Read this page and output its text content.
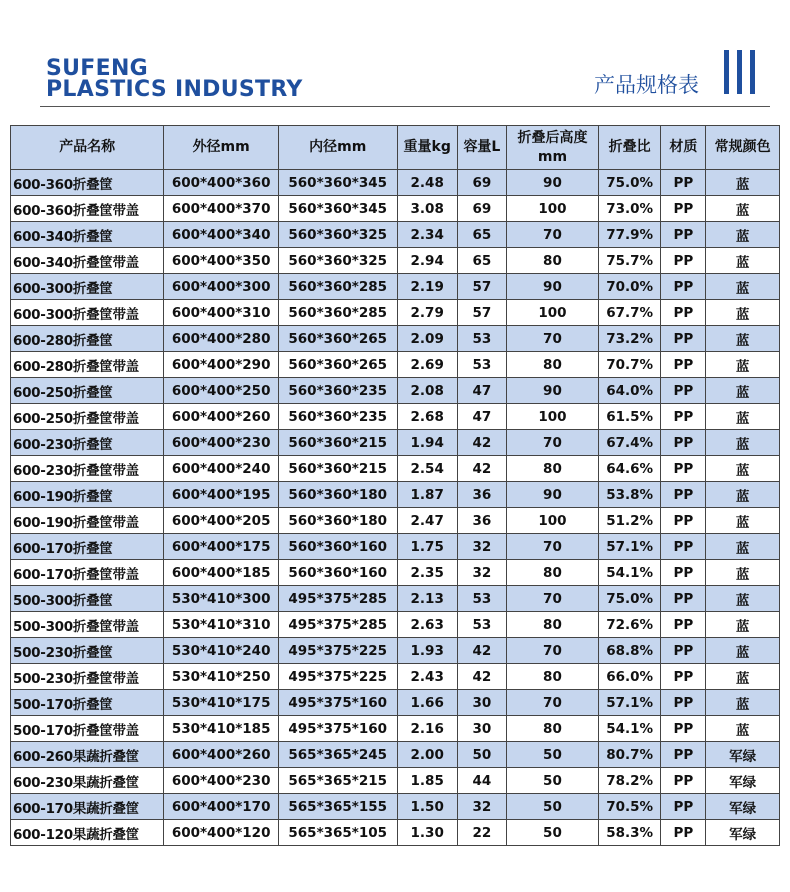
SUFENG
PLASTICS INDUSTRY	产品规格表
产品名称	外径mm	内径mm	重量kg	容量L	折叠后高度mm	折叠比	材质	常规颜色
600-360折叠筐	600*400*360	560*360*345	2.48	69	90	75.0%	PP	蓝
600-360折叠筐带盖	600*400*370	560*360*345	3.08	69	100	73.0%	PP	蓝
600-340折叠筐	600*400*340	560*360*325	2.34	65	70	77.9%	PP	蓝
600-340折叠筐带盖	600*400*350	560*360*325	2.94	65	80	75.7%	PP	蓝
600-300折叠筐	600*400*300	560*360*285	2.19	57	90	70.0%	PP	蓝
600-300折叠筐带盖	600*400*310	560*360*285	2.79	57	100	67.7%	PP	蓝
600-280折叠筐	600*400*280	560*360*265	2.09	53	70	73.2%	PP	蓝
600-280折叠筐带盖	600*400*290	560*360*265	2.69	53	80	70.7%	PP	蓝
600-250折叠筐	600*400*250	560*360*235	2.08	47	90	64.0%	PP	蓝
600-250折叠筐带盖	600*400*260	560*360*235	2.68	47	100	61.5%	PP	蓝
600-230折叠筐	600*400*230	560*360*215	1.94	42	70	67.4%	PP	蓝
600-230折叠筐带盖	600*400*240	560*360*215	2.54	42	80	64.6%	PP	蓝
600-190折叠筐	600*400*195	560*360*180	1.87	36	90	53.8%	PP	蓝
600-190折叠筐带盖	600*400*205	560*360*180	2.47	36	100	51.2%	PP	蓝
600-170折叠筐	600*400*175	560*360*160	1.75	32	70	57.1%	PP	蓝
600-170折叠筐带盖	600*400*185	560*360*160	2.35	32	80	54.1%	PP	蓝
500-300折叠筐	530*410*300	495*375*285	2.13	53	70	75.0%	PP	蓝
500-300折叠筐带盖	530*410*310	495*375*285	2.63	53	80	72.6%	PP	蓝
500-230折叠筐	530*410*240	495*375*225	1.93	42	70	68.8%	PP	蓝
500-230折叠筐带盖	530*410*250	495*375*225	2.43	42	80	66.0%	PP	蓝
500-170折叠筐	530*410*175	495*375*160	1.66	30	70	57.1%	PP	蓝
500-170折叠筐带盖	530*410*185	495*375*160	2.16	30	80	54.1%	PP	蓝
600-260果蔬折叠筐	600*400*260	565*365*245	2.00	50	50	80.7%	PP	军绿
600-230果蔬折叠筐	600*400*230	565*365*215	1.85	44	50	78.2%	PP	军绿
600-170果蔬折叠筐	600*400*170	565*365*155	1.50	32	50	70.5%	PP	军绿
600-120果蔬折叠筐	600*400*120	565*365*105	1.30	22	50	58.3%	PP	军绿
